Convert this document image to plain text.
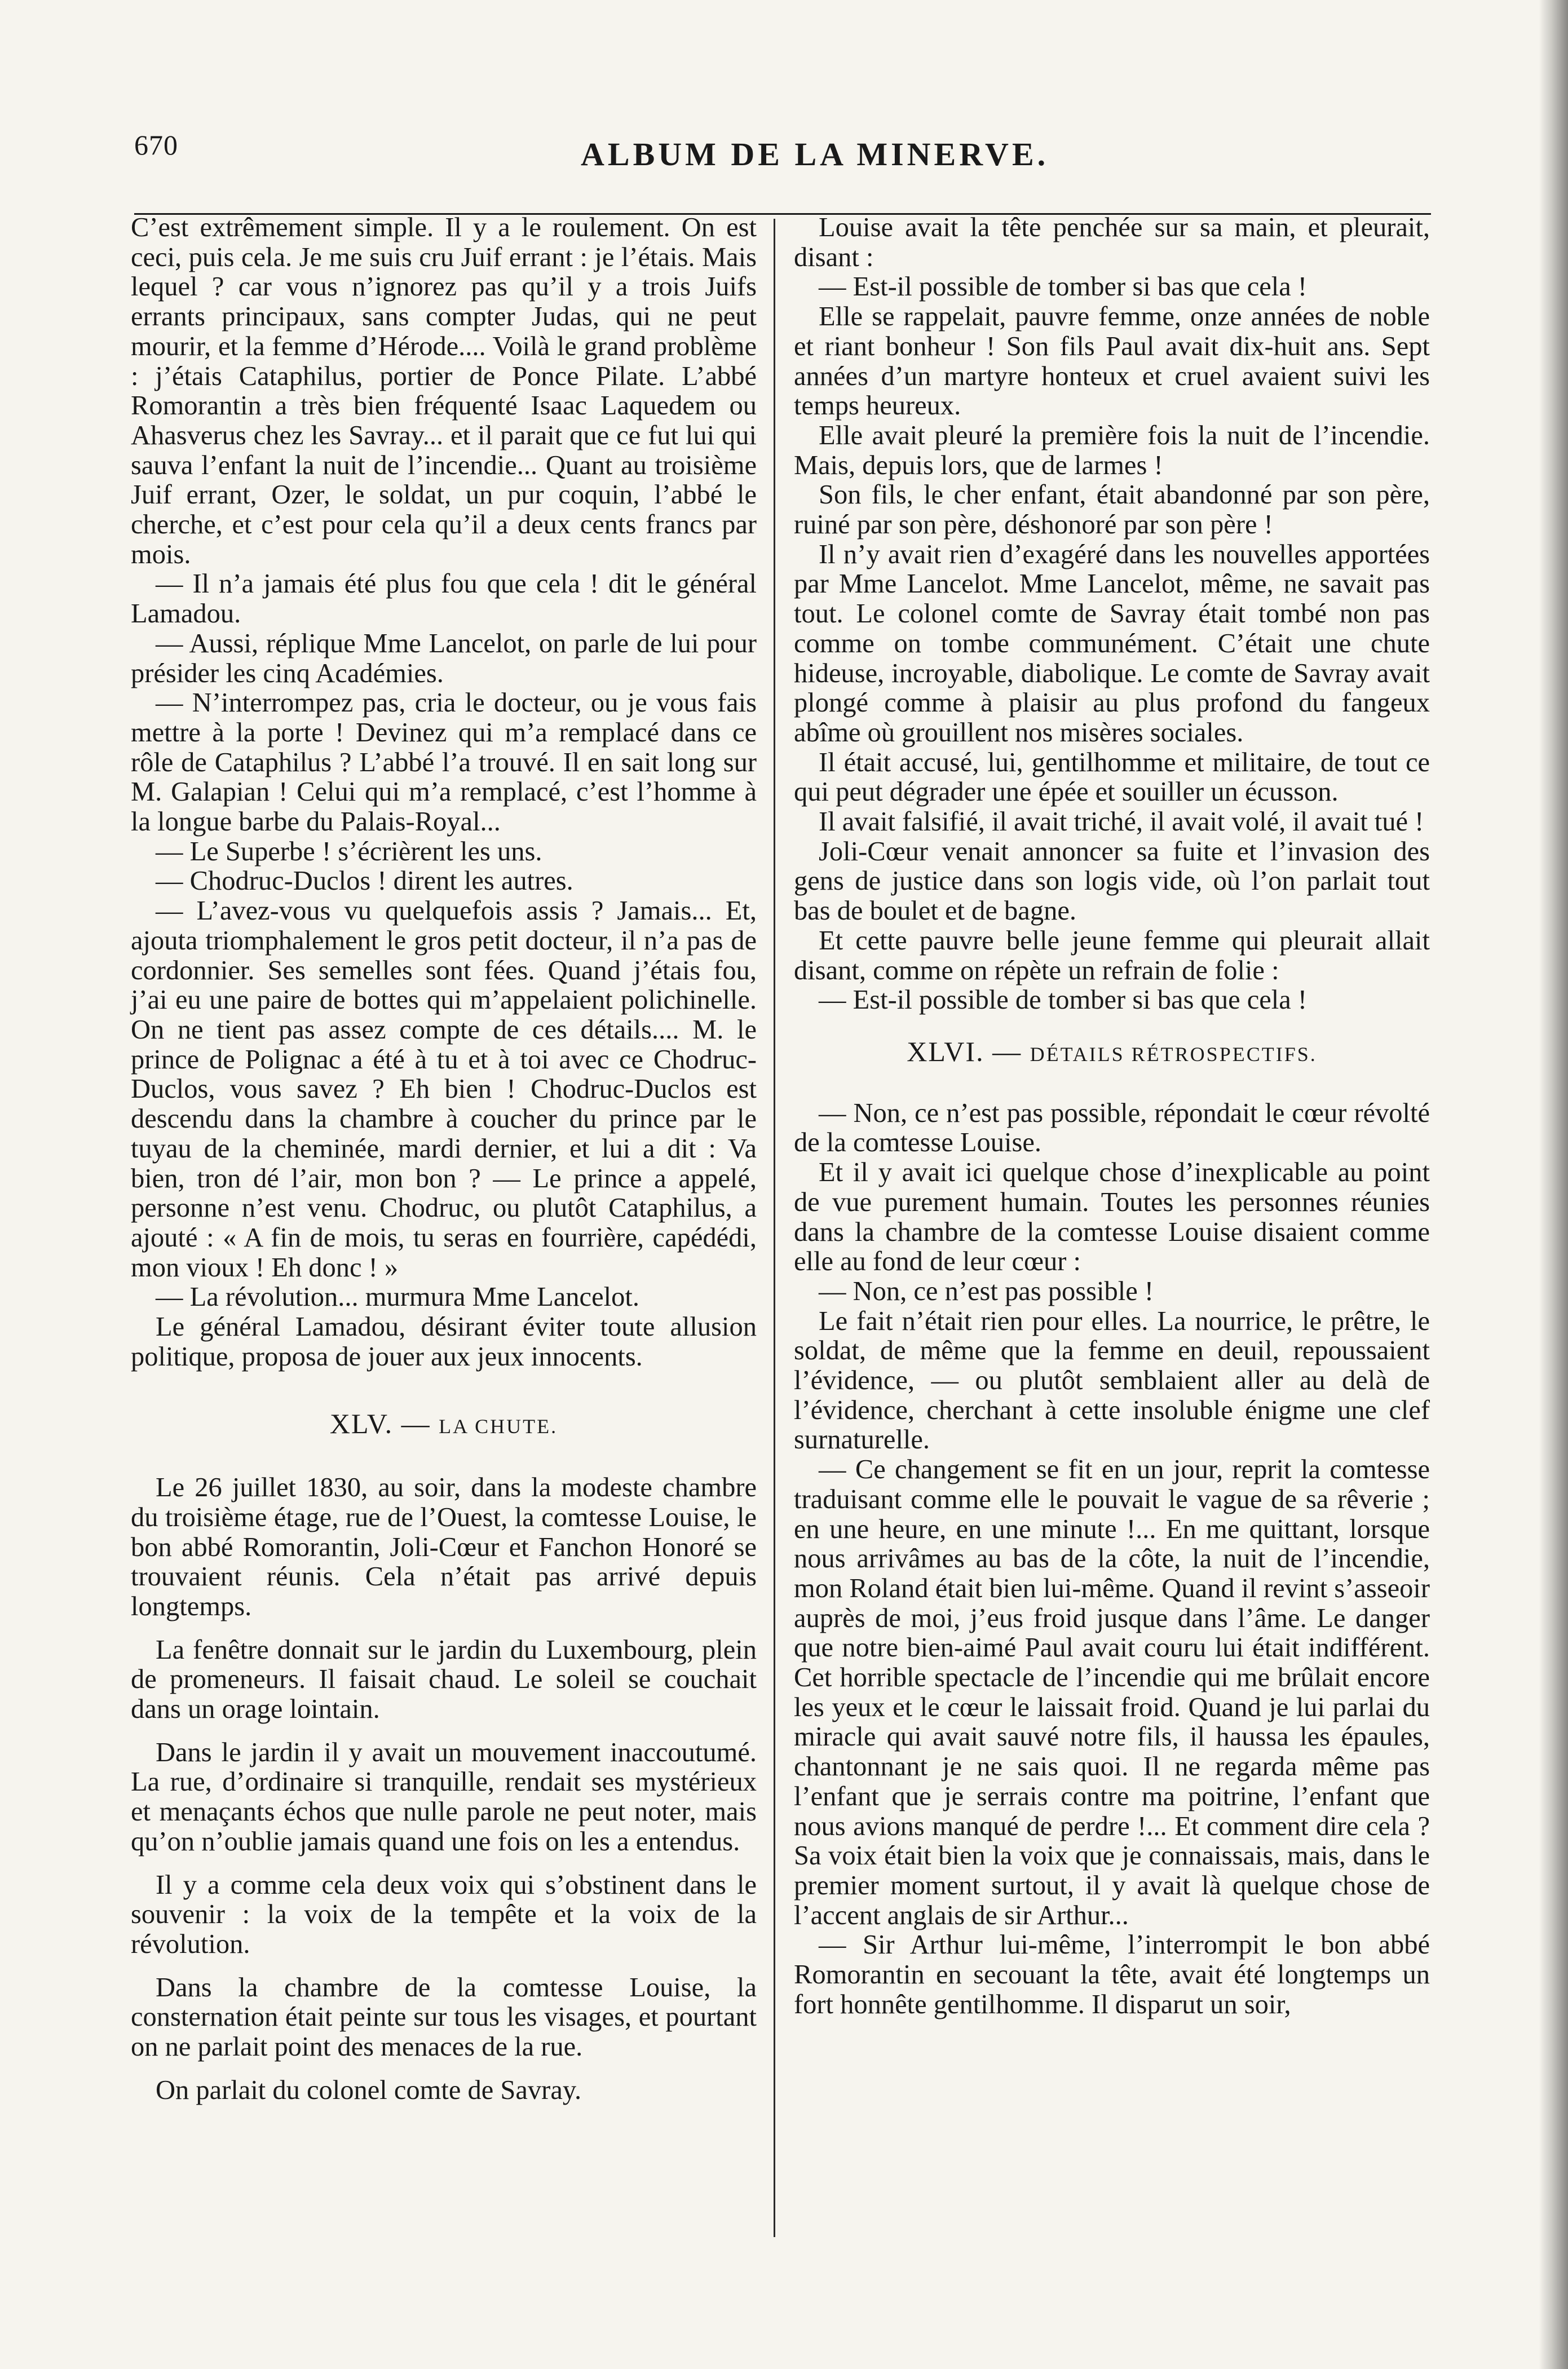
670	ALBUM DE LA MINERVE.

C’est extrêmement simple. Il y a le roulement. On est ceci, puis cela. Je me suis cru Juif errant : je l’étais. Mais lequel ? car vous n’ignorez pas qu’il y a trois Juifs errants principaux, sans compter Judas, qui ne peut mourir, et la femme d’Hérode.... Voilà le grand problème : j’étais Cataphilus, portier de Ponce Pilate. L’abbé Romorantin a très bien fréquenté Isaac Laquedem ou Ahasverus chez les Savray... et il parait que ce fut lui qui sauva l’enfant la nuit de l’incendie... Quant au troisième Juif errant, Ozer, le soldat, un pur coquin, l’abbé le cherche, et c’est pour cela qu’il a deux cents francs par mois.

— Il n’a jamais été plus fou que cela ! dit le général Lamadou.

— Aussi, réplique Mme Lancelot, on parle de lui pour présider les cinq Académies.

— N’interrompez pas, cria le docteur, ou je vous fais mettre à la porte ! Devinez qui m’a remplacé dans ce rôle de Cataphilus ? L’abbé l’a trouvé. Il en sait long sur M. Galapian ! Celui qui m’a remplacé, c’est l’homme à la longue barbe du Palais-Royal...

— Le Superbe ! s’écrièrent les uns.

— Chodruc-Duclos ! dirent les autres.

— L’avez-vous vu quelquefois assis ? Jamais... Et, ajouta triomphalement le gros petit docteur, il n’a pas de cordonnier. Ses semelles sont fées. Quand j’étais fou, j’ai eu une paire de bottes qui m’appelaient polichinelle. On ne tient pas assez compte de ces détails.... M. le prince de Polignac a été à tu et à toi avec ce Chodruc-Duclos, vous savez ? Eh bien ! Chodruc-Duclos est descendu dans la chambre à coucher du prince par le tuyau de la cheminée, mardi dernier, et lui a dit : Va bien, tron dé l’air, mon bon ? — Le prince a appelé, personne n’est venu. Chodruc, ou plutôt Cataphilus, a ajouté : « A fin de mois, tu seras en fourrière, capédédi, mon vioux ! Eh donc ! »

— La révolution... murmura Mme Lancelot.

Le général Lamadou, désirant éviter toute allusion politique, proposa de jouer aux jeux innocents.

XLV. — LA CHUTE.

Le 26 juillet 1830, au soir, dans la modeste chambre du troisième étage, rue de l’Ouest, la comtesse Louise, le bon abbé Romorantin, Joli-Cœur et Fanchon Honoré se trouvaient réunis. Cela n’était pas arrivé depuis longtemps.

La fenêtre donnait sur le jardin du Luxembourg, plein de promeneurs. Il faisait chaud. Le soleil se couchait dans un orage lointain.

Dans le jardin il y avait un mouvement inaccoutumé. La rue, d’ordinaire si tranquille, rendait ses mystérieux et menaçants échos que nulle parole ne peut noter, mais qu’on n’oublie jamais quand une fois on les a entendus.

Il y a comme cela deux voix qui s’obstinent dans le souvenir : la voix de la tempête et la voix de la révolution.

Dans la chambre de la comtesse Louise, la consternation était peinte sur tous les visages, et pourtant on ne parlait point des menaces de la rue.

On parlait du colonel comte de Savray.

Louise avait la tête penchée sur sa main, et pleurait, disant :

— Est-il possible de tomber si bas que cela !

Elle se rappelait, pauvre femme, onze années de noble et riant bonheur ! Son fils Paul avait dix-huit ans. Sept années d’un martyre honteux et cruel avaient suivi les temps heureux.

Elle avait pleuré la première fois la nuit de l’incendie. Mais, depuis lors, que de larmes !

Son fils, le cher enfant, était abandonné par son père, ruiné par son père, déshonoré par son père !

Il n’y avait rien d’exagéré dans les nouvelles apportées par Mme Lancelot. Mme Lancelot, même, ne savait pas tout. Le colonel comte de Savray était tombé non pas comme on tombe communément. C’était une chute hideuse, incroyable, diabolique. Le comte de Savray avait plongé comme à plaisir au plus profond du fangeux abîme où grouillent nos misères sociales.

Il était accusé, lui, gentilhomme et militaire, de tout ce qui peut dégrader une épée et souiller un écusson.

Il avait falsifié, il avait triché, il avait volé, il avait tué !

Joli-Cœur venait annoncer sa fuite et l’invasion des gens de justice dans son logis vide, où l’on parlait tout bas de boulet et de bagne.

Et cette pauvre belle jeune femme qui pleurait allait disant, comme on répète un refrain de folie :

— Est-il possible de tomber si bas que cela !

XLVI. — DÉTAILS RÉTROSPECTIFS.

— Non, ce n’est pas possible, répondait le cœur révolté de la comtesse Louise.

Et il y avait ici quelque chose d’inexplicable au point de vue purement humain. Toutes les personnes réunies dans la chambre de la comtesse Louise disaient comme elle au fond de leur cœur :

— Non, ce n’est pas possible !

Le fait n’était rien pour elles. La nourrice, le prêtre, le soldat, de même que la femme en deuil, repoussaient l’évidence, — ou plutôt semblaient aller au delà de l’évidence, cherchant à cette insoluble énigme une clef surnaturelle.

— Ce changement se fit en un jour, reprit la comtesse traduisant comme elle le pouvait le vague de sa rêverie ; en une heure, en une minute !... En me quittant, lorsque nous arrivâmes au bas de la côte, la nuit de l’incendie, mon Roland était bien lui-même. Quand il revint s’asseoir auprès de moi, j’eus froid jusque dans l’âme. Le danger que notre bien-aimé Paul avait couru lui était indifférent. Cet horrible spectacle de l’incendie qui me brûlait encore les yeux et le cœur le laissait froid. Quand je lui parlai du miracle qui avait sauvé notre fils, il haussa les épaules, chantonnant je ne sais quoi. Il ne regarda même pas l’enfant que je serrais contre ma poitrine, l’enfant que nous avions manqué de perdre !... Et comment dire cela ? Sa voix était bien la voix que je connaissais, mais, dans le premier moment surtout, il y avait là quelque chose de l’accent anglais de sir Arthur...

— Sir Arthur lui-même, l’interrompit le bon abbé Romorantin en secouant la tête, avait été longtemps un fort honnête gentilhomme. Il disparut un soir,
